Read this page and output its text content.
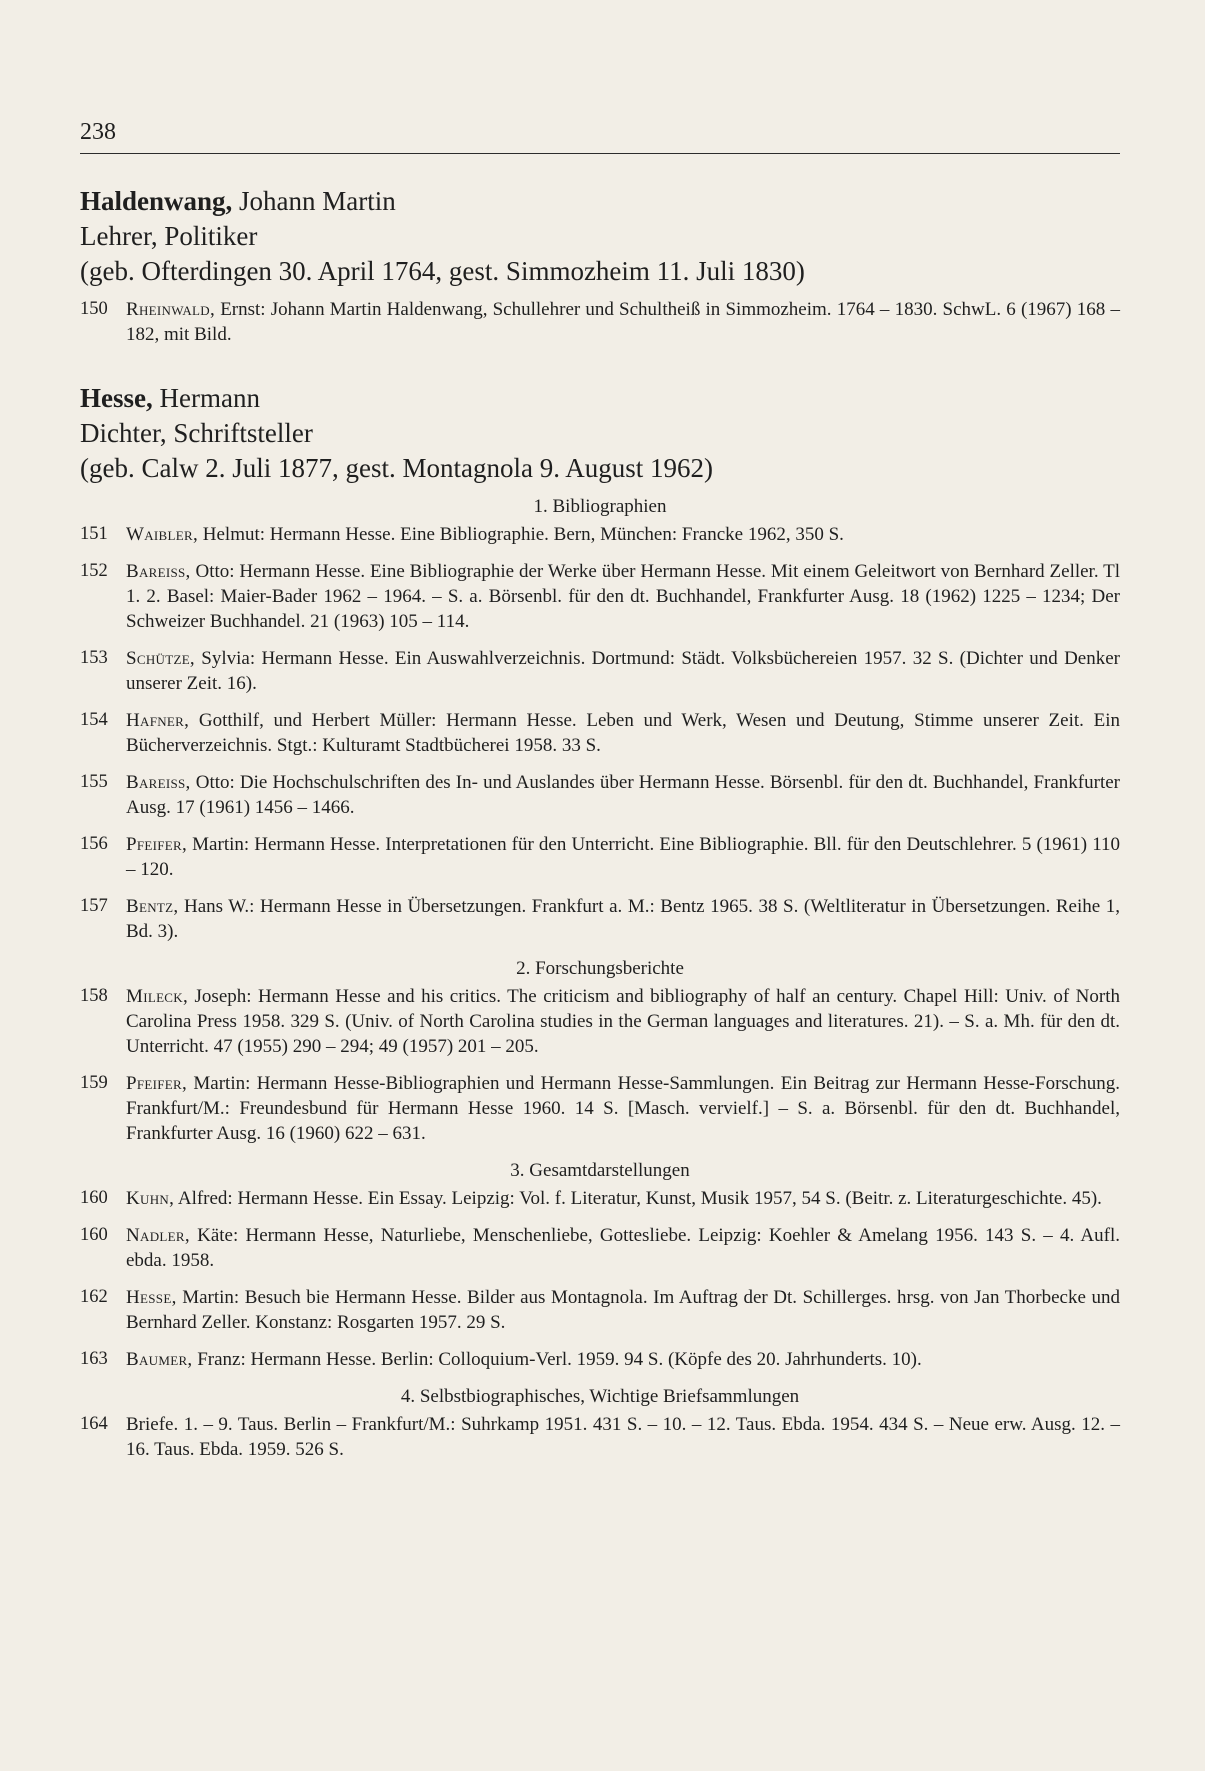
238
Haldenwang, Johann Martin
Lehrer, Politiker
(geb. Ofterdingen 30. April 1764, gest. Simmozheim 11. Juli 1830)
150 Rheinwald, Ernst: Johann Martin Haldenwang, Schullehrer und Schultheiß in Simmozheim. 1764 – 1830. SchwL. 6 (1967) 168 – 182, mit Bild.
Hesse, Hermann
Dichter, Schriftsteller
(geb. Calw 2. Juli 1877, gest. Montagnola 9. August 1962)
1. Bibliographien
151 Waibler, Helmut: Hermann Hesse. Eine Bibliographie. Bern, München: Francke 1962, 350 S.
152 Bareiss, Otto: Hermann Hesse. Eine Bibliographie der Werke über Hermann Hesse. Mit einem Geleitwort von Bernhard Zeller. Tl 1. 2. Basel: Maier-Bader 1962 – 1964. – S. a. Börsenbl. für den dt. Buchhandel, Frankfurter Ausg. 18 (1962) 1225 – 1234; Der Schweizer Buchhandel. 21 (1963) 105 – 114.
153 Schütze, Sylvia: Hermann Hesse. Ein Auswahlverzeichnis. Dortmund: Städt. Volksbüchereien 1957. 32 S. (Dichter und Denker unserer Zeit. 16).
154 Hafner, Gotthilf, und Herbert Müller: Hermann Hesse. Leben und Werk, Wesen und Deutung, Stimme unserer Zeit. Ein Bücherverzeichnis. Stgt.: Kulturamt Stadtbücherei 1958. 33 S.
155 Bareiss, Otto: Die Hochschulschriften des In- und Auslandes über Hermann Hesse. Börsenbl. für den dt. Buchhandel, Frankfurter Ausg. 17 (1961) 1456 – 1466.
156 Pfeifer, Martin: Hermann Hesse. Interpretationen für den Unterricht. Eine Bibliographie. Bll. für den Deutschlehrer. 5 (1961) 110 – 120.
157 Bentz, Hans W.: Hermann Hesse in Übersetzungen. Frankfurt a. M.: Bentz 1965. 38 S. (Weltliteratur in Übersetzungen. Reihe 1, Bd. 3).
2. Forschungsberichte
158 Mileck, Joseph: Hermann Hesse and his critics. The criticism and bibliography of half an century. Chapel Hill: Univ. of North Carolina Press 1958. 329 S. (Univ. of North Carolina studies in the German languages and literatures. 21). – S. a. Mh. für den dt. Unterricht. 47 (1955) 290 – 294; 49 (1957) 201 – 205.
159 Pfeifer, Martin: Hermann Hesse-Bibliographien und Hermann Hesse-Sammlungen. Ein Beitrag zur Hermann Hesse-Forschung. Frankfurt/M.: Freundesbund für Hermann Hesse 1960. 14 S. [Masch. vervielf.] – S. a. Börsenbl. für den dt. Buchhandel, Frankfurter Ausg. 16 (1960) 622 – 631.
3. Gesamtdarstellungen
160 Kuhn, Alfred: Hermann Hesse. Ein Essay. Leipzig: Vol. f. Literatur, Kunst, Musik 1957, 54 S. (Beitr. z. Literaturgeschichte. 45).
160 Nadler, Käte: Hermann Hesse, Naturliebe, Menschenliebe, Gottesliebe. Leipzig: Koehler & Amelang 1956. 143 S. – 4. Aufl. ebda. 1958.
162 Hesse, Martin: Besuch bie Hermann Hesse. Bilder aus Montagnola. Im Auftrag der Dt. Schillerges. hrsg. von Jan Thorbecke und Bernhard Zeller. Konstanz: Rosgarten 1957. 29 S.
163 Baumer, Franz: Hermann Hesse. Berlin: Colloquium-Verl. 1959. 94 S. (Köpfe des 20. Jahrhunderts. 10).
4. Selbstbiographisches, Wichtige Briefsammlungen
164 Briefe. 1. – 9. Taus. Berlin – Frankfurt/M.: Suhrkamp 1951. 431 S. – 10. – 12. Taus. Ebda. 1954. 434 S. – Neue erw. Ausg. 12. – 16. Taus. Ebda. 1959. 526 S.
